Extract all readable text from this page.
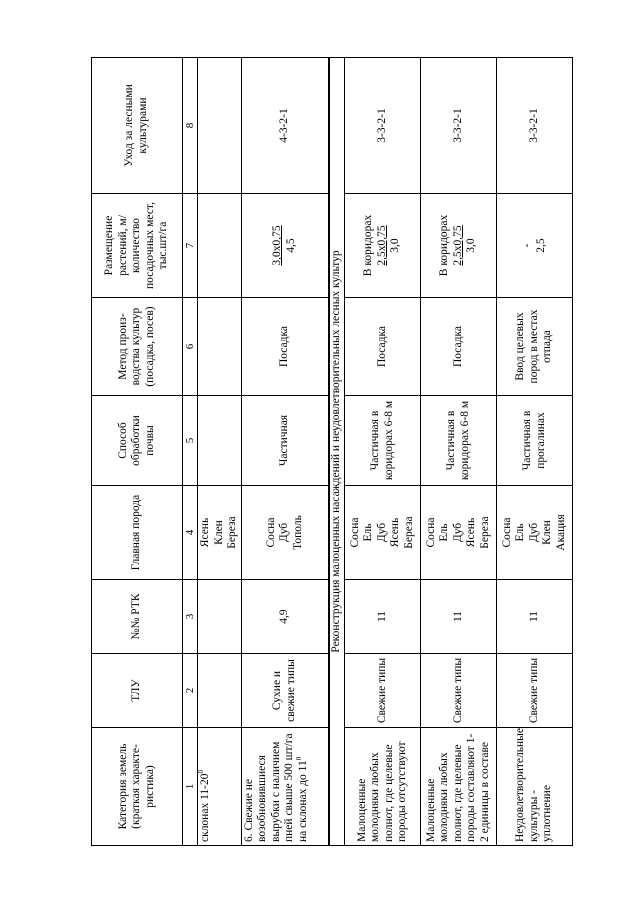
Категория земель (краткая характе-ристика)	ТЛУ	№№ РТК	Главная порода	Способ обработки почвы	Метод произ-водства культур (посадка, посев)	Размещение растений, м/количество посадочных мест, тыс.шт/га	Уход за лесными культурами
1	2	3	4	5	6	7	8
склонах $11-20^0$			Ясень Клен Береза				

6. Свежие не возобновившиеся вырубки с наличием пней свыше 500 шт/га на склонах до $11^0$	Сухие и свежие типы	4,9	Сосна Дуб Тополь	Частичная	Посадка	3,0х0,75 4,5	4-3-2-1
Реконструкция малоценных насаждений и неудовлетворительных лесных культур							
Малоценные молодняки любых полнот, где целевые породы отсутствуют	Свежие типы	11	Сосна Ель Дуб Ясень Береза	Частичная в коридорах 6-8 м	Посадка	В коридорах 2,5х0,75 3,0	3-3-2-1
Малоценные молодняки любых полнот, где целевые породы составляют 1-2 единицы в составе	Свежие типы	11	Сосна Ель Дуб Ясень Береза	Частичная в коридорах 6-8 м	Посадка	В коридорах 2,5х0,75 3,0	3-3-2-1
Неудовлетворительные культуры - уплотнение	Свежие типы	11	Сосна Ель Дуб Клен Акация	Частичная в прогалинах	Ввод целевых пород в местах отпада	- 2,5	3-3-2-1
